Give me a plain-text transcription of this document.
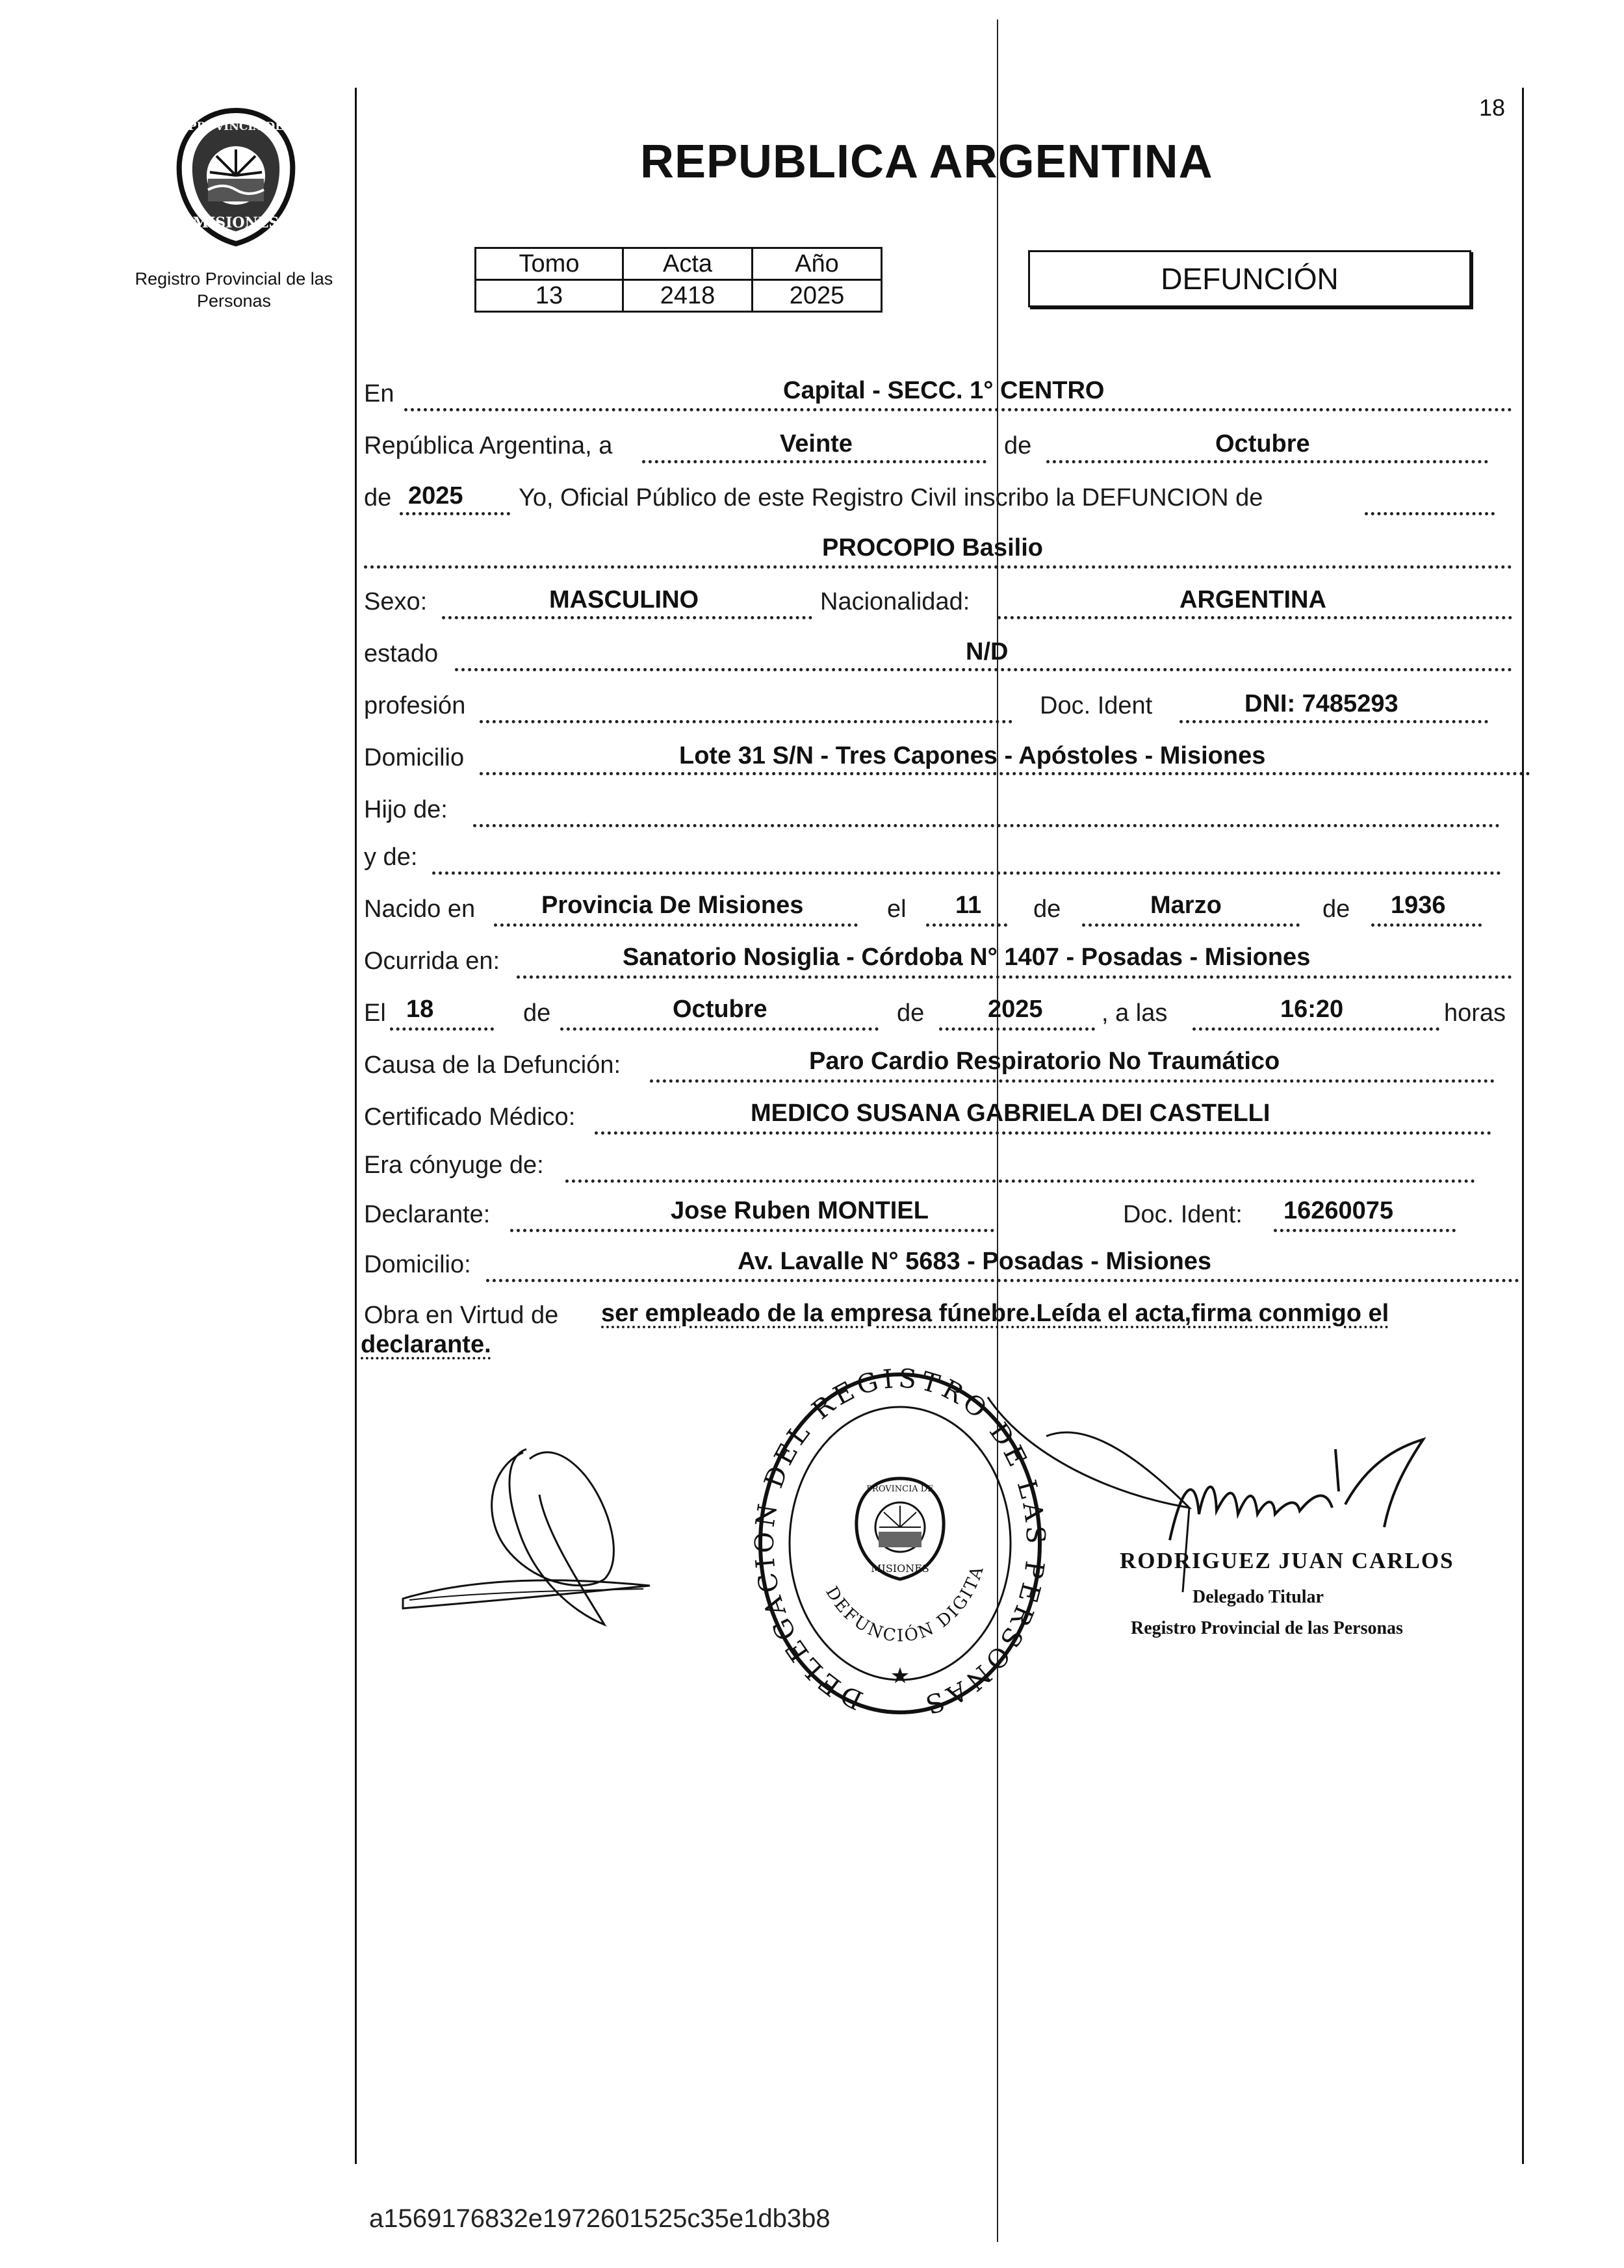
PROVINCIA DE
MISIONES
Registro Provincial de las Personas
REPUBLICA ARGENTINA
18
Tomo	Acta	Año
13	2418	2025	DEFUNCIÓN
En	Capital - SECC. 1° CENTRO
República Argentina, a	Veinte	de	Octubre
de 2025 Yo, Oficial Público de este Registro Civil inscribo la DEFUNCION de
PROCOPIO Basilio
Sexo:	MASCULINO	Nacionalidad:	ARGENTINA
estado	N/D
profesión	Doc. Ident	DNI: 7485293
Domicilio	Lote 31 S/N - Tres Capones - Apóstoles - Misiones
Hijo de:
y de:
Nacido en	Provincia De Misiones	el 11 de	Marzo	de 1936
Ocurrida en:	Sanatorio Nosiglia - Córdoba N° 1407 - Posadas - Misiones
El 18	de	Octubre	de	2025 , a las	16:20	horas
Causa de la Defunción:	Paro Cardio Respiratorio No Traumático
Certificado Médico:	MEDICO SUSANA GABRIELA DEI CASTELLI
Era cónyuge de:
Declarante:	Jose Ruben MONTIEL	Doc. Ident: 16260075
Domicilio:	Av. Lavalle N° 5683 - Posadas - Misiones
Obra en Virtud de ser empleado de la empresa fúnebre.Leída el acta,firma conmigo el
declarante.
DELEGAC DEL REGISTRO DE LA ERSONAS
DEFUNCIÓN DIGITA
PROVINCIA DE
MISIONES
★
RODRIGUEZ JUAN CARLOS
Delegado Titular
Registro Provincial de las Personas
a1569176832e1972601525c35e1db3b8
